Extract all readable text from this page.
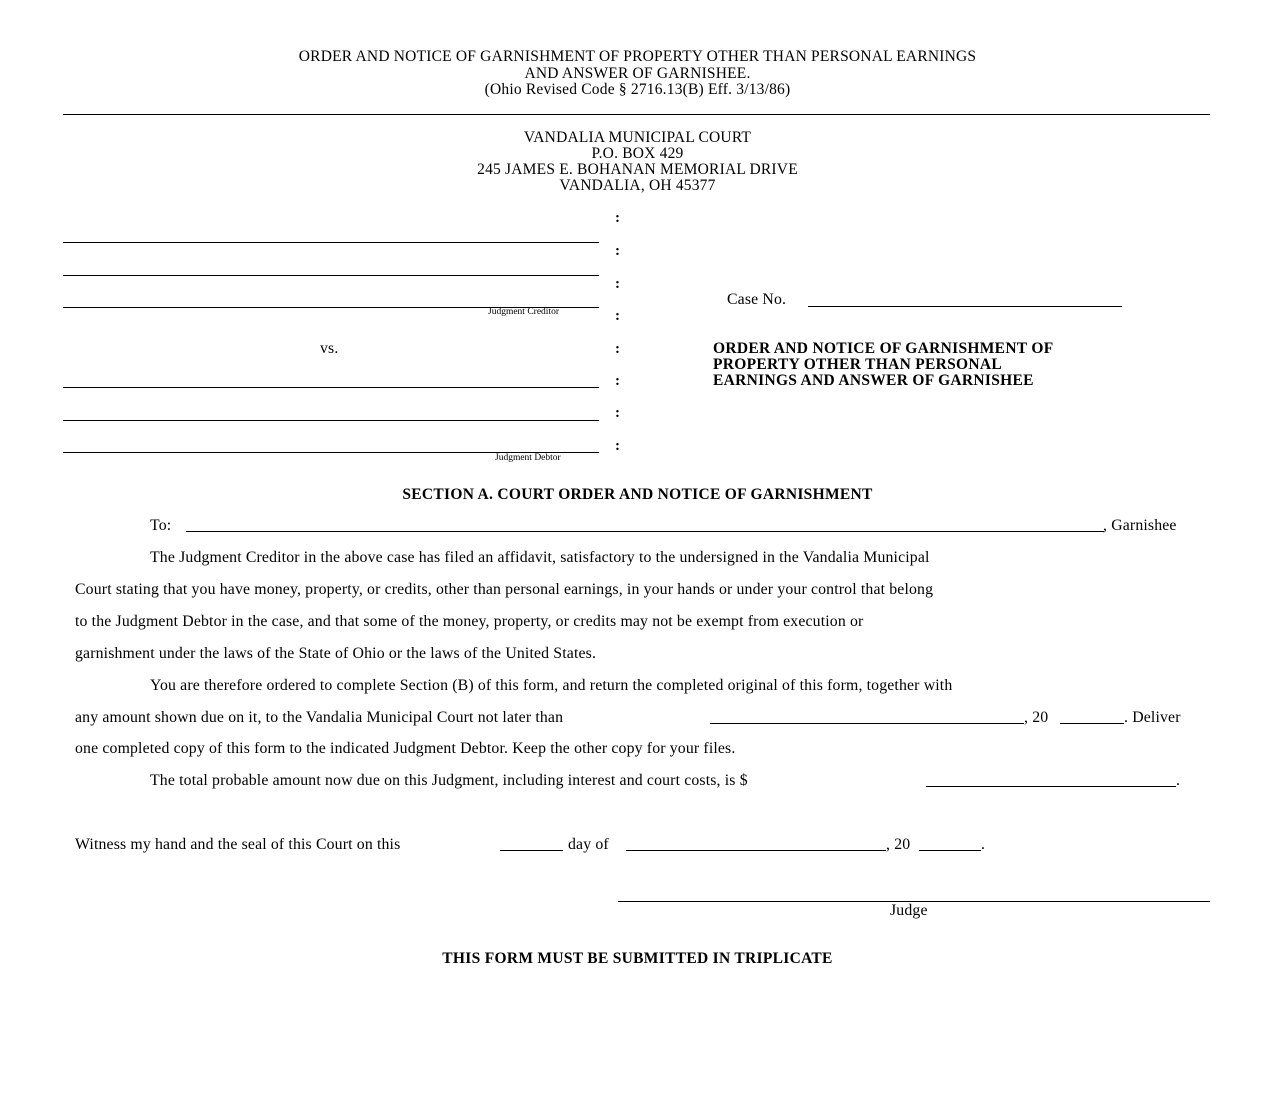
ORDER AND NOTICE OF GARNISHMENT OF PROPERTY OTHER THAN PERSONAL EARNINGS
AND ANSWER OF GARNISHEE.
(Ohio Revised Code § 2716.13(B) Eff. 3/13/86)
VANDALIA MUNICIPAL COURT
P.O. BOX 429
245 JAMES E. BOHANAN MEMORIAL DRIVE
VANDALIA, OH 45377
Judgment Creditor
vs.
Judgment Debtor
:
:
:
:
:
:
:
:
Case No.
ORDER AND NOTICE OF GARNISHMENT OF
PROPERTY OTHER THAN PERSONAL
EARNINGS AND ANSWER OF GARNISHEE
SECTION A. COURT ORDER AND NOTICE OF GARNISHMENT
To:	, Garnishee
The Judgment Creditor in the above case has filed an affidavit, satisfactory to the undersigned in the Vandalia Municipal
Court stating that you have money, property, or credits, other than personal earnings, in your hands or under your control that belong
to the Judgment Debtor in the case, and that some of the money, property, or credits may not be exempt from execution or
garnishment under the laws of the State of Ohio or the laws of the United States.
You are therefore ordered to complete Section (B) of this form, and return the completed original of this form, together with
any amount shown due on it, to the Vandalia Municipal Court not later than	, 20	. Deliver
one completed copy of this form to the indicated Judgment Debtor. Keep the other copy for your files.
The total probable amount now due on this Judgment, including interest and court costs, is $	.
Witness my hand and the seal of this Court on this	day of	, 20	.
Judge
THIS FORM MUST BE SUBMITTED IN TRIPLICATE
